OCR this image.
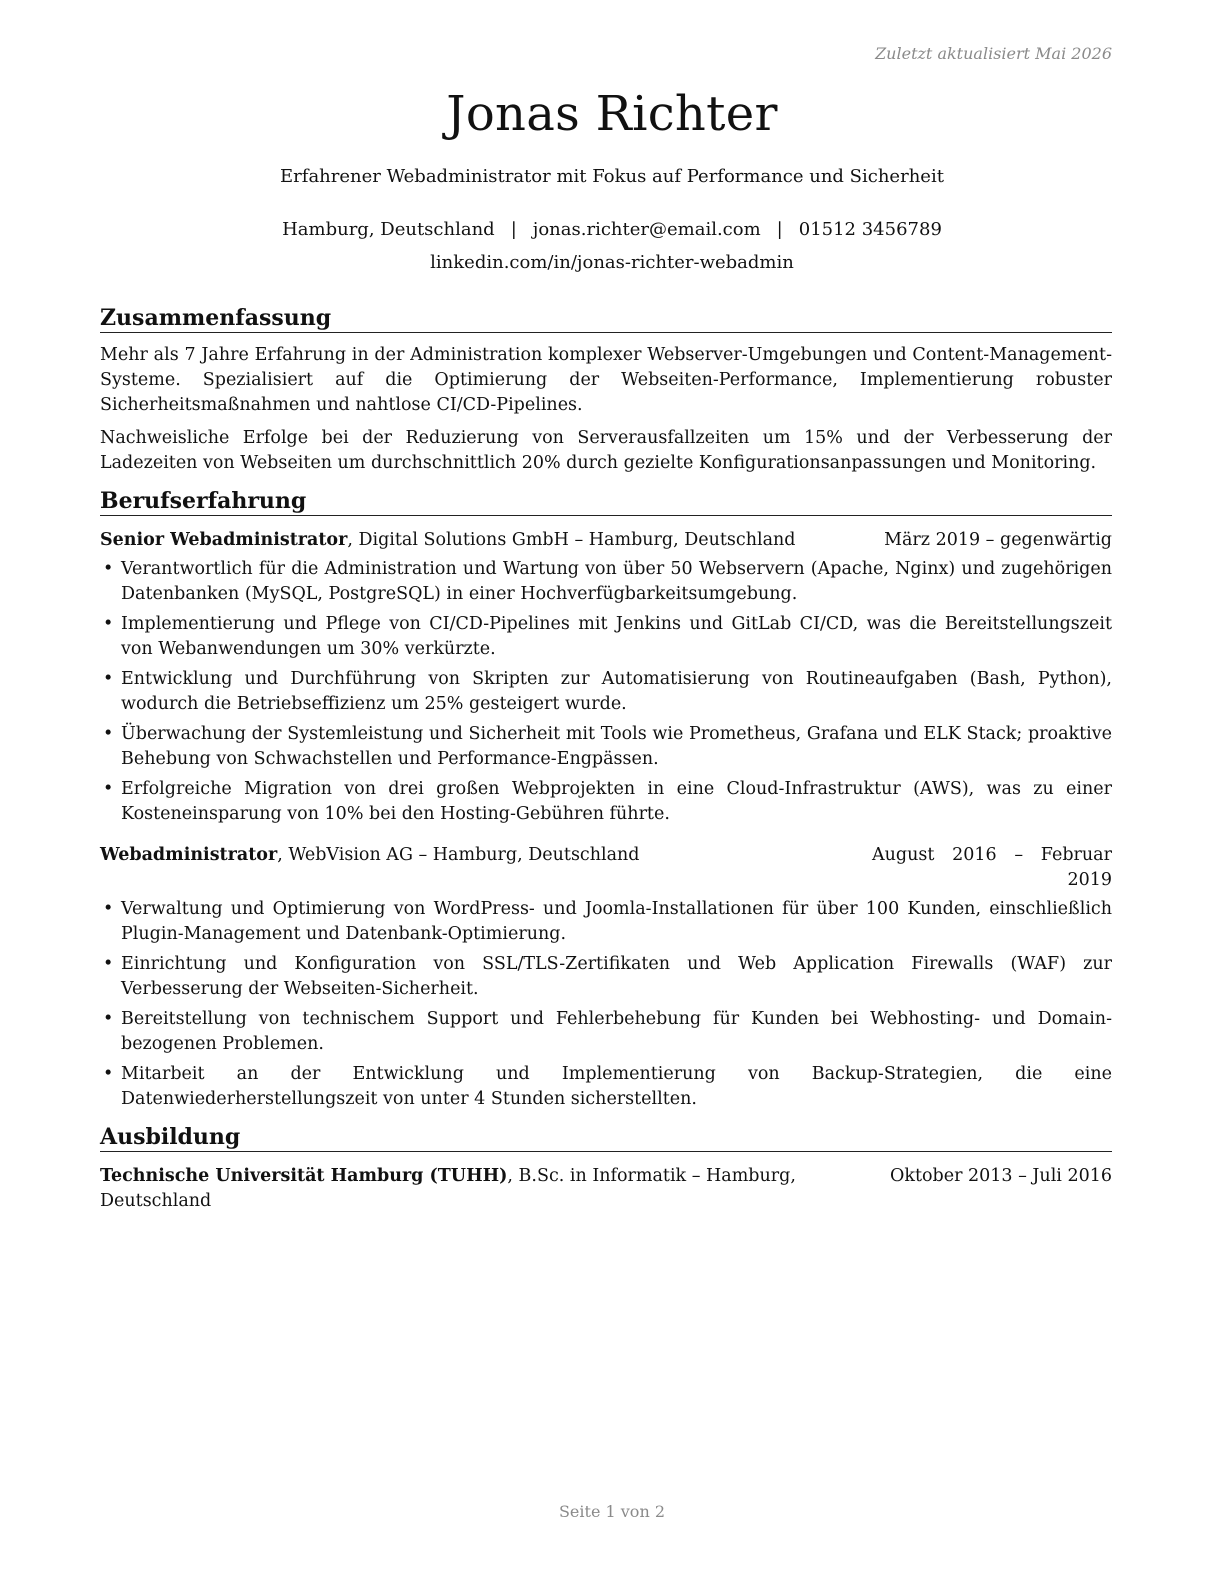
Zuletzt aktualisiert Mai 2026
Jonas Richter
Erfahrener Webadministrator mit Fokus auf Performance und Sicherheit
Hamburg, Deutschland | jonas.richter@email.com | 01512 3456789
linkedin.com/in/jonas-richter-webadmin
Zusammenfassung

Mehr als 7 Jahre Erfahrung in der Administration komplexer Webserver-Umgebungen und Content-Management-Systeme. Spezialisiert auf die Optimierung der Webseiten-Performance, Implementierung robuster Sicherheitsmaßnahmen und nahtlose CI/CD-Pipelines.

Nachweisliche Erfolge bei der Reduzierung von Serverausfallzeiten um 15% und der Verbesserung der Ladezeiten von Webseiten um durchschnittlich 20% durch gezielte Konfigurationsanpassungen und Monitoring.

Berufserfahrung
Senior Webadministrator, Digital Solutions GmbH – Hamburg, Deutschland	März 2019 – gegenwärtig
• Verantwortlich für die Administration und Wartung von über 50 Webservern (Apache, Nginx) und zugehörigen Datenbanken (MySQL, PostgreSQL) in einer Hochverfügbarkeitsumgebung.
• Implementierung und Pflege von CI/CD-Pipelines mit Jenkins und GitLab CI/CD, was die Bereitstellungszeit von Webanwendungen um 30% verkürzte.
• Entwicklung und Durchführung von Skripten zur Automatisierung von Routineaufgaben (Bash, Python), wodurch die Betriebseffizienz um 25% gesteigert wurde.
• Überwachung der Systemleistung und Sicherheit mit Tools wie Prometheus, Grafana und ELK Stack; proaktive Behebung von Schwachstellen und Performance-Engpässen.
• Erfolgreiche Migration von drei großen Webprojekten in eine Cloud-Infrastruktur (AWS), was zu einer Kosteneinsparung von 10% bei den Hosting-Gebühren führte.
Webadministrator, WebVision AG – Hamburg, Deutschland	August 2016 – Februar 2019
• Verwaltung und Optimierung von WordPress- und Joomla-Installationen für über 100 Kunden, einschließlich Plugin-Management und Datenbank-Optimierung.
• Einrichtung und Konfiguration von SSL/TLS-Zertifikaten und Web Application Firewalls (WAF) zur Verbesserung der Webseiten-Sicherheit.
• Bereitstellung von technischem Support und Fehlerbehebung für Kunden bei Webhosting- und Domain-bezogenen Problemen.
• Mitarbeit an der Entwicklung und Implementierung von Backup-Strategien, die eine Datenwiederherstellungszeit von unter 4 Stunden sicherstellten.
Ausbildung
Technische Universität Hamburg (TUHH), B.Sc. in Informatik – Hamburg, Deutschland
Oktober 2013 – Juli 2016
Seite 1 von 2
